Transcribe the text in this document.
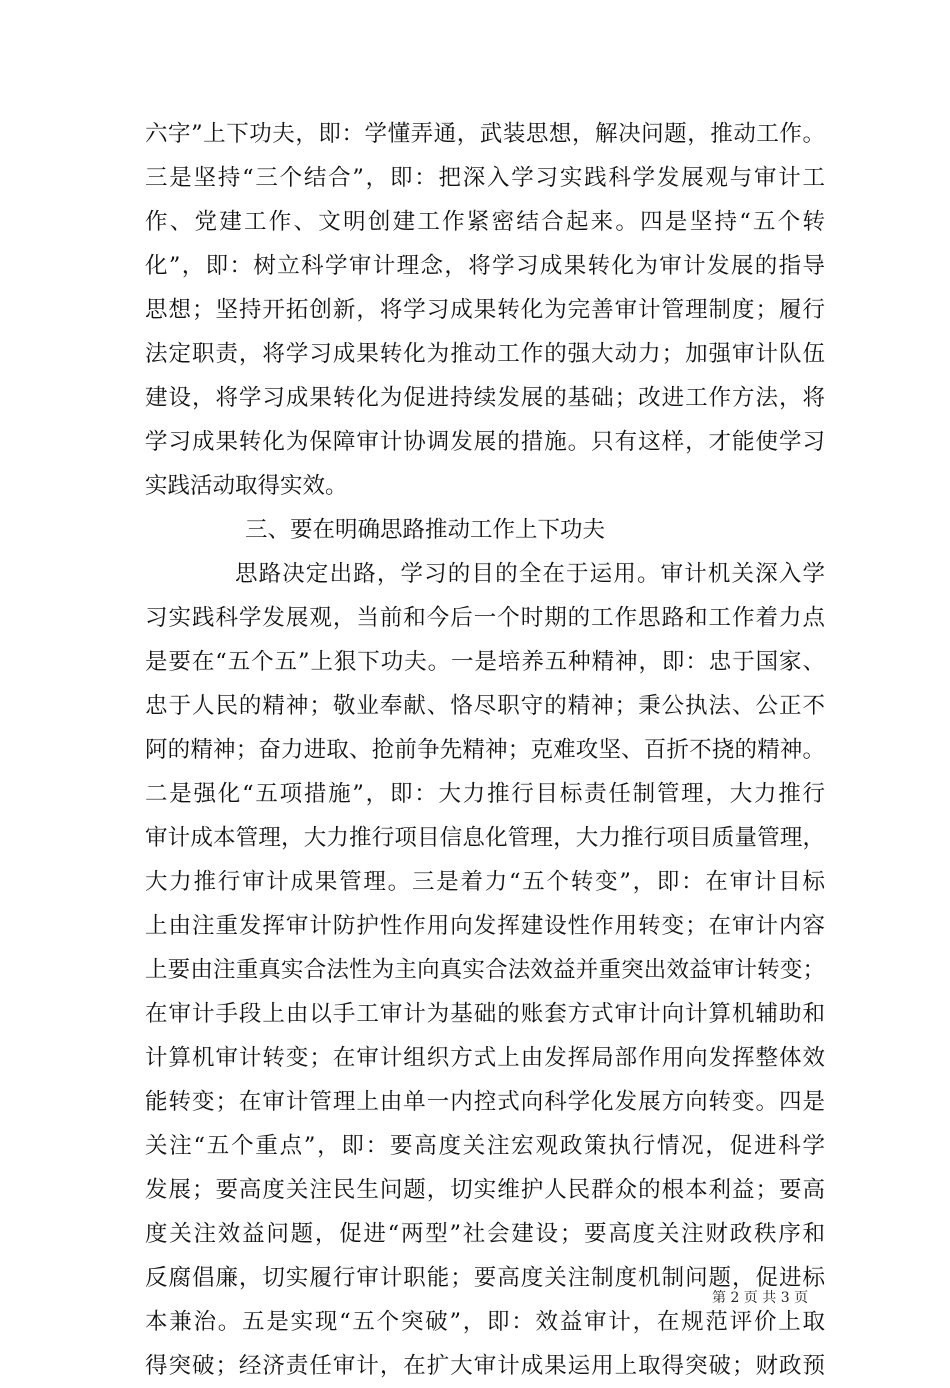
六字”上下功夫，即：学懂弄通，武装思想，解决问题，推动工作。
三是坚持“三个结合”，即：把深入学习实践科学发展观与审计工
作、党建工作、文明创建工作紧密结合起来。四是坚持“五个转
化”，即：树立科学审计理念，将学习成果转化为审计发展的指导
思想；坚持开拓创新，将学习成果转化为完善审计管理制度；履行
法定职责，将学习成果转化为推动工作的强大动力；加强审计队伍
建设，将学习成果转化为促进持续发展的基础；改进工作方法，将
学习成果转化为保障审计协调发展的措施。只有这样，才能使学习
实践活动取得实效。
三、要在明确思路推动工作上下功夫
思路决定出路，学习的目的全在于运用。审计机关深入学
习实践科学发展观，当前和今后一个时期的工作思路和工作着力点
是要在“五个五”上狠下功夫。一是培养五种精神，即：忠于国家、
忠于人民的精神；敬业奉献、恪尽职守的精神；秉公执法、公正不
阿的精神；奋力进取、抢前争先精神；克难攻坚、百折不挠的精神。
二是强化“五项措施”，即：大力推行目标责任制管理，大力推行
审计成本管理，大力推行项目信息化管理，大力推行项目质量管理，
大力推行审计成果管理。三是着力“五个转变”，即：在审计目标
上由注重发挥审计防护性作用向发挥建设性作用转变；在审计内容
上要由注重真实合法性为主向真实合法效益并重突出效益审计转变；
在审计手段上由以手工审计为基础的账套方式审计向计算机辅助和
计算机审计转变；在审计组织方式上由发挥局部作用向发挥整体效
能转变；在审计管理上由单一内控式向科学化发展方向转变。四是
关注“五个重点”，即：要高度关注宏观政策执行情况，促进科学
发展；要高度关注民生问题，切实维护人民群众的根本利益；要高
度关注效益问题，促进“两型”社会建设；要高度关注财政秩序和
反腐倡廉，切实履行审计职能；要高度关注制度机制问题，促进标
本兼治。五是实现“五个突破”，即：效益审计，在规范评价上取
得突破；经济责任审计，在扩大审计成果运用上取得突破；财政预
第 2 页 共 3 页
